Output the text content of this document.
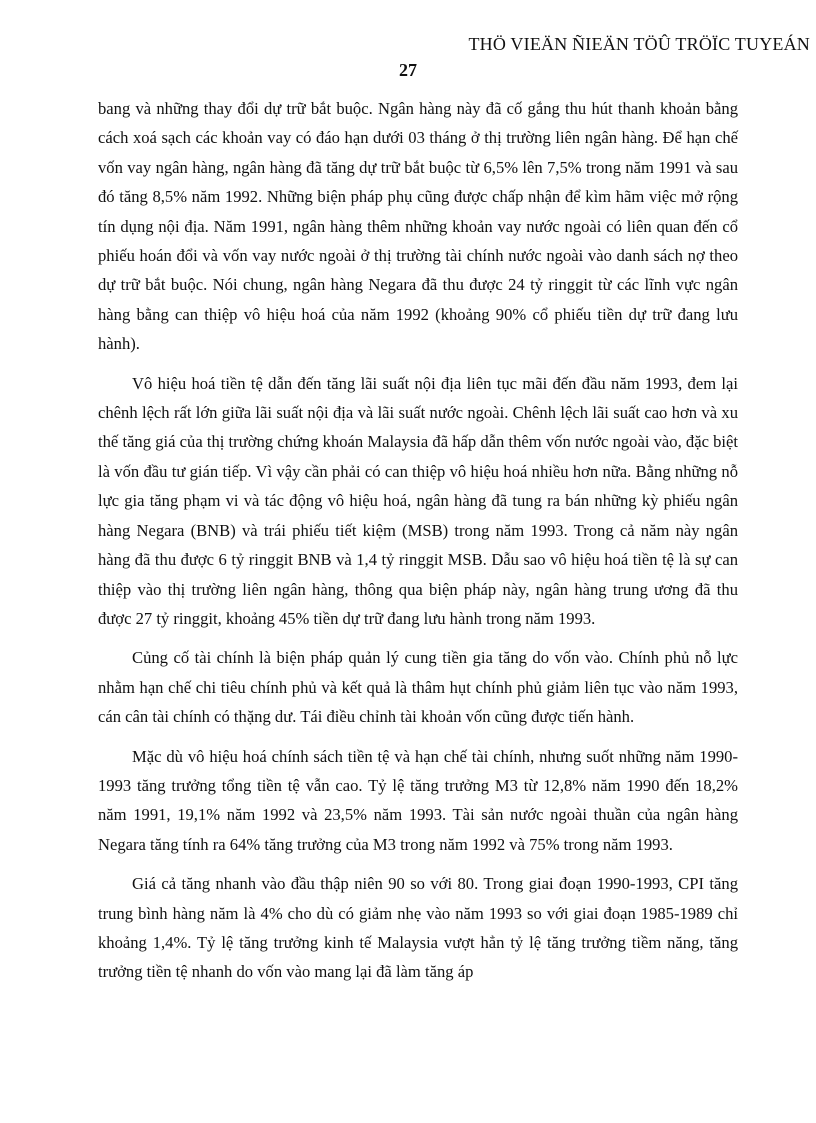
THÖ VIEÄN ÑIEÄN TÖÛ TRÖÏC TUYEÁN
27

bang và những thay đổi dự trữ bắt buộc. Ngân hàng này đã cố gắng thu hút thanh khoản bằng cách xoá sạch các khoản vay có đáo hạn dưới 03 tháng ở thị trường liên ngân hàng. Để hạn chế vốn vay ngân hàng, ngân hàng đã tăng dự trữ bắt buộc từ 6,5% lên 7,5% trong năm 1991 và sau đó tăng 8,5% năm 1992. Những biện pháp phụ cũng được chấp nhận để kìm hãm việc mở rộng tín dụng nội địa. Năm 1991, ngân hàng thêm những khoản vay nước ngoài có liên quan đến cổ phiếu hoán đổi và vốn vay nước ngoài ở thị trường tài chính nước ngoài vào danh sách nợ theo dự trữ bắt buộc. Nói chung, ngân hàng Negara đã thu được 24 tỷ ringgit từ các lĩnh vực ngân hàng bằng can thiệp vô hiệu hoá của năm 1992 (khoảng 90% cổ phiếu tiền dự trữ đang lưu hành).

Vô hiệu hoá tiền tệ dẫn đến tăng lãi suất nội địa liên tục mãi đến đầu năm 1993, đem lại chênh lệch rất lớn giữa lãi suất nội địa và lãi suất nước ngoài. Chênh lệch lãi suất cao hơn và xu thế tăng giá của thị trường chứng khoán Malaysia đã hấp dẫn thêm vốn nước ngoài vào, đặc biệt là vốn đầu tư gián tiếp. Vì vậy cần phải có can thiệp vô hiệu hoá nhiều hơn nữa. Bằng những nỗ lực gia tăng phạm vi và tác động vô hiệu hoá, ngân hàng đã tung ra bán những kỳ phiếu ngân hàng Negara (BNB) và trái phiếu tiết kiệm (MSB) trong năm 1993. Trong cả năm này ngân hàng đã thu được 6 tỷ ringgit BNB và 1,4 tỷ ringgit MSB. Dẫu sao vô hiệu hoá tiền tệ là sự can thiệp vào thị trường liên ngân hàng, thông qua biện pháp này, ngân hàng trung ương đã thu được 27 tỷ ringgit, khoảng 45% tiền dự trữ đang lưu hành trong năm 1993.

Củng cố tài chính là biện pháp quản lý cung tiền gia tăng do vốn vào. Chính phủ nỗ lực nhằm hạn chế chi tiêu chính phủ và kết quả là thâm hụt chính phủ giảm liên tục vào năm 1993, cán cân tài chính có thặng dư. Tái điều chỉnh tài khoản vốn cũng được tiến hành.

Mặc dù vô hiệu hoá chính sách tiền tệ và hạn chế tài chính, nhưng suốt những năm 1990-1993 tăng trưởng tổng tiền tệ vẫn cao. Tỷ lệ tăng trưởng M3 từ 12,8% năm 1990 đến 18,2% năm 1991, 19,1% năm 1992 và 23,5% năm 1993. Tài sản nước ngoài thuần của ngân hàng Negara tăng tính ra 64% tăng trưởng của M3 trong năm 1992 và 75% trong năm 1993.

Giá cả tăng nhanh vào đầu thập niên 90 so với 80. Trong giai đoạn 1990-1993, CPI tăng trung bình hàng năm là 4% cho dù có giảm nhẹ vào năm 1993 so với giai đoạn 1985-1989 chỉ khoảng 1,4%. Tỷ lệ tăng trưởng kinh tế Malaysia vượt hẳn tỷ lệ tăng trưởng tiềm năng, tăng trưởng tiền tệ nhanh do vốn vào mang lại đã làm tăng áp
